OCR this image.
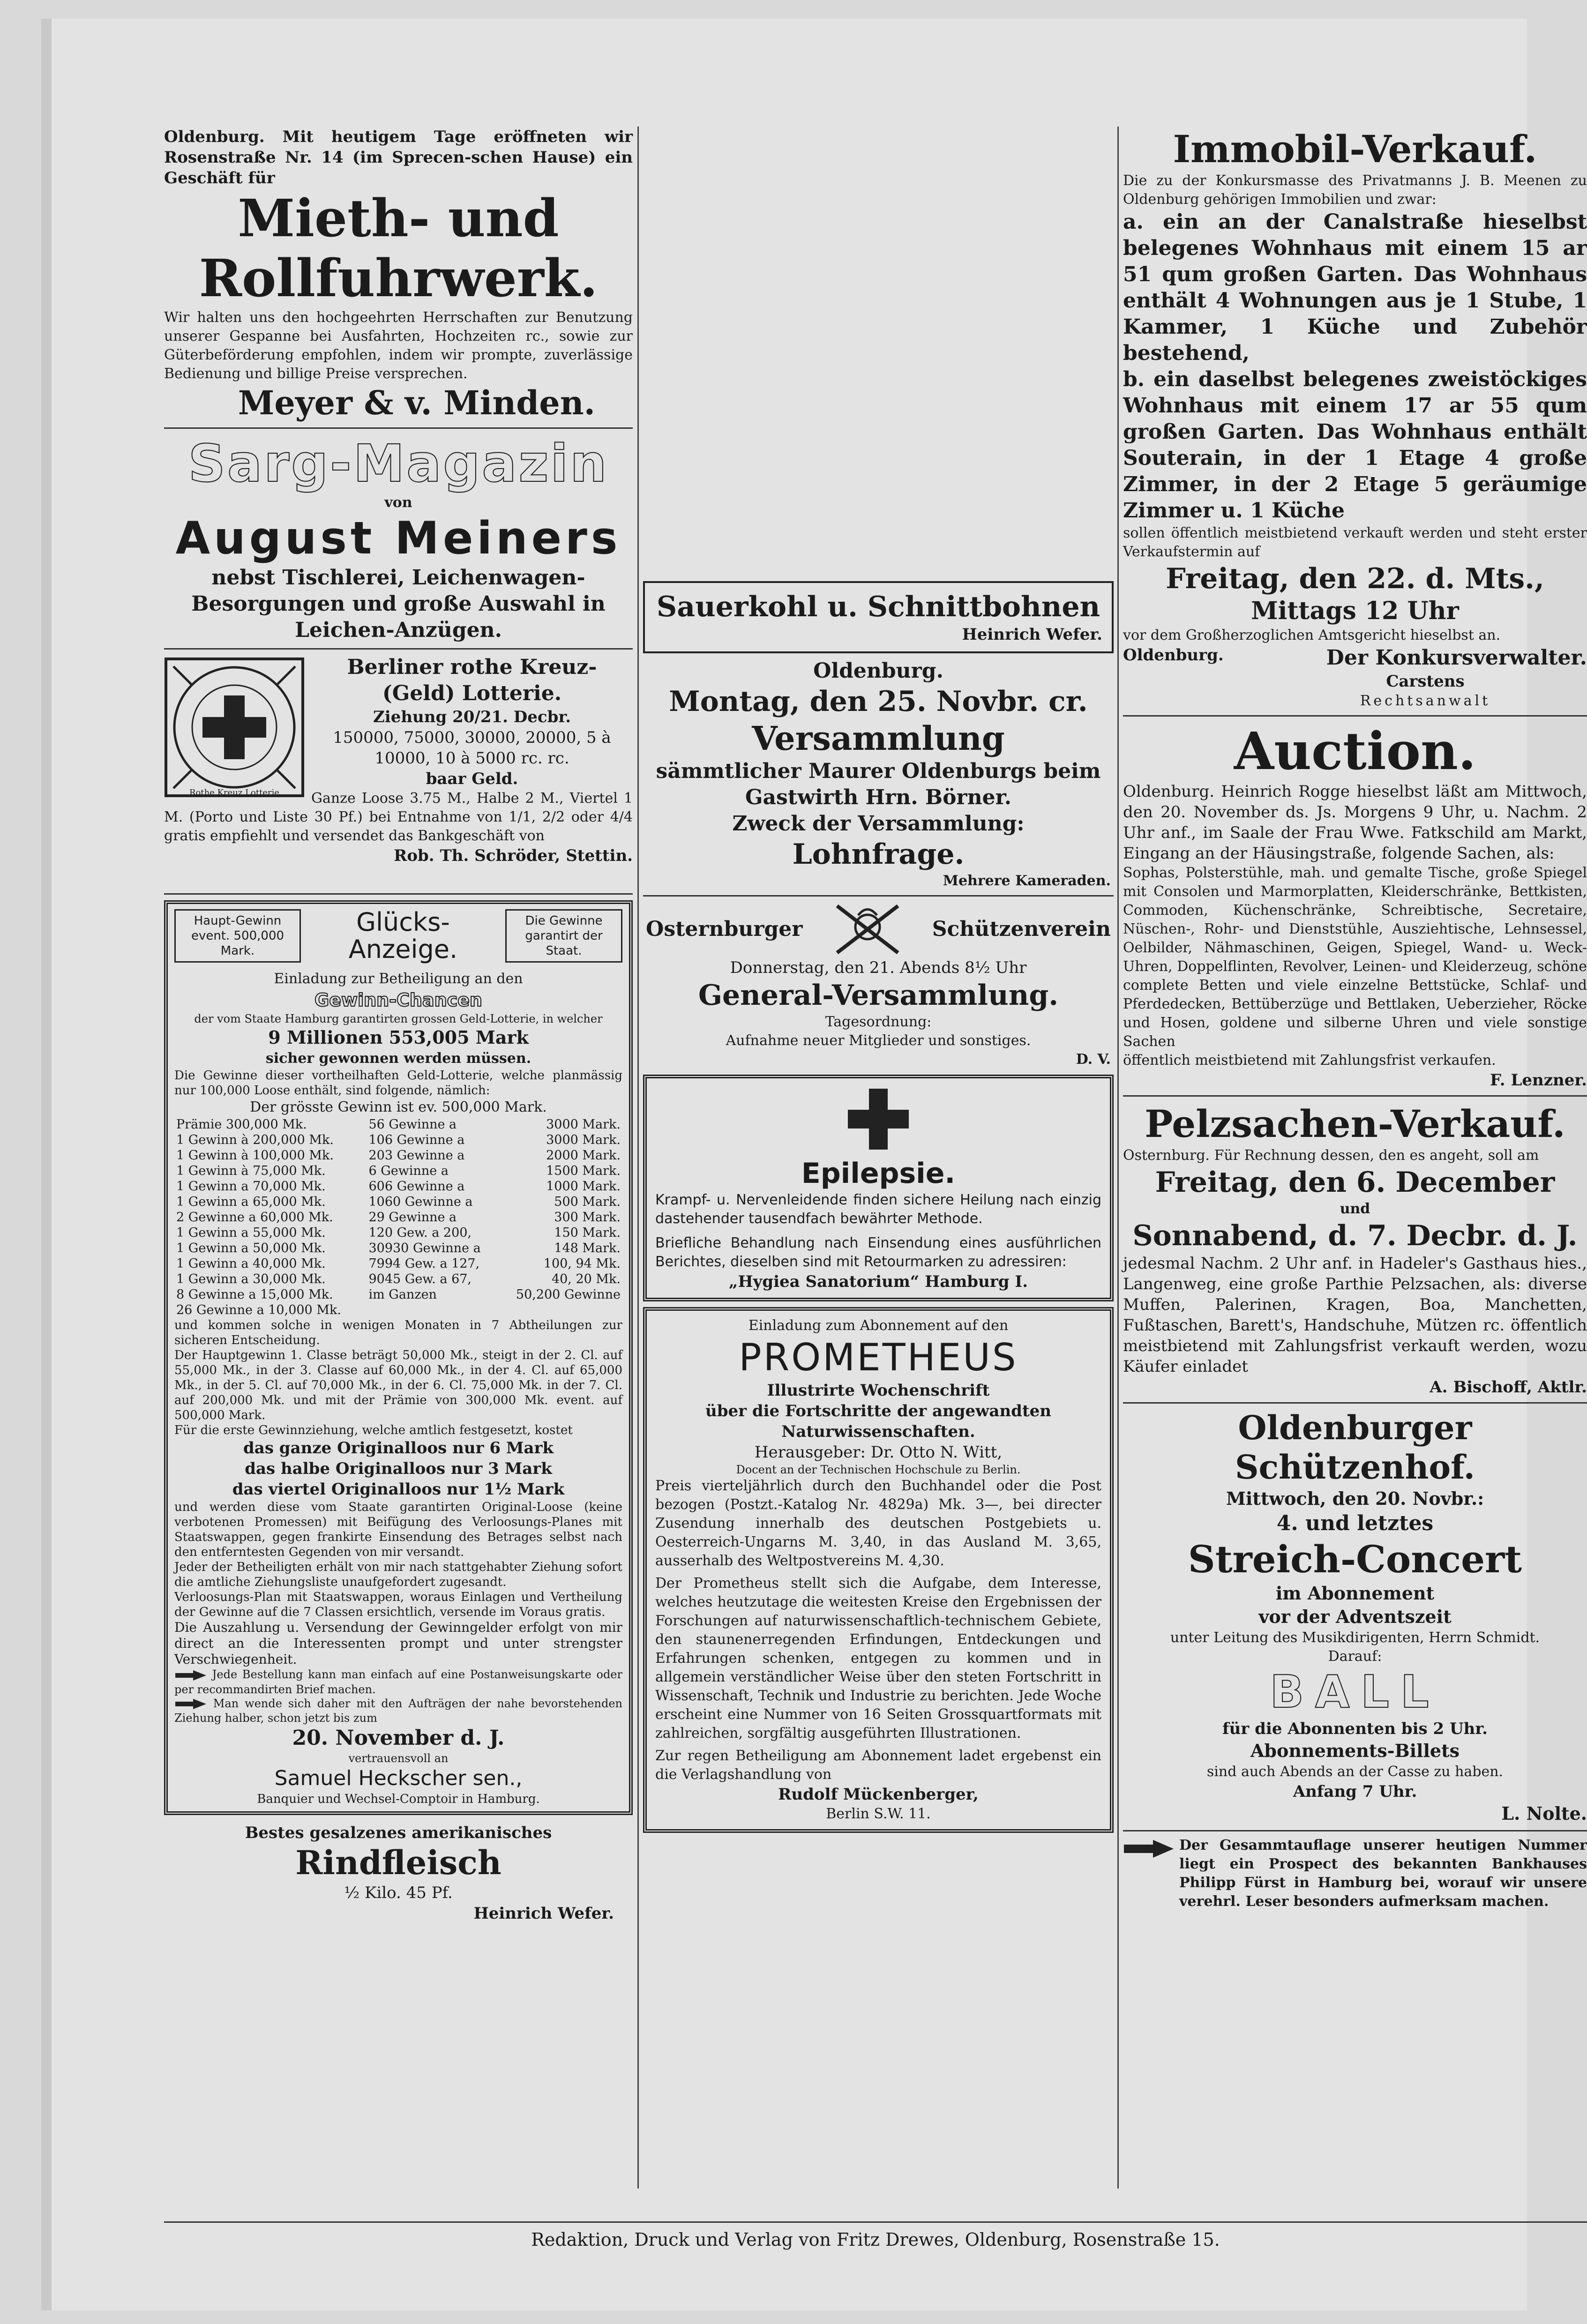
Oldenburg. Mit heutigem Tage eröffneten wir Rosenstraße Nr. 14 (im Sprecen-schen Hause) ein Geschäft für

Mieth- und Rollfuhrwerk.

Wir halten uns den hochgeehrten Herrschaften zur Benutzung unserer Gespanne bei Ausfahrten, Hochzeiten rc., sowie zur Güterbeförderung empfohlen, indem wir prompte, zuverlässige Bedienung und billige Preise versprechen.

Meyer & v. Minden.

Sarg-Magazin

von

August Meiners

nebst Tischlerei, Leichenwagen-Besorgungen und große Auswahl in Leichen-Anzügen.

Rothe Kreuz Lotterie

Berliner rothe Kreuz-(Geld) Lotterie.

Ziehung 20/21. Decbr.

150000, 75000, 30000, 20000, 5 à 10000, 10 à 5000 rc. rc.

baar Geld.

Ganze Loose 3.75 M., Halbe 2 M., Viertel 1 M. (Porto und Liste 30 Pf.) bei Entnahme von 1/1, 2/2 oder 4/4 gratis empfiehlt und versendet das Bankgeschäft von

Rob. Th. Schröder, Stettin.

Haupt-Gewinn event. 500,000 Mark.
Glücks-Anzeige.
Die Gewinne garantirt der Staat.

Einladung zur Betheiligung an den

Gewinn-Chancen

der vom Staate Hamburg garantirten grossen Geld-Lotterie, in welcher

9 Millionen 553,005 Mark

sicher gewonnen werden müssen.

Die Gewinne dieser vortheilhaften Geld-Lotterie, welche planmässig nur 100,000 Loose enthält, sind folgende, nämlich:

Der grösste Gewinn ist ev. 500,000 Mark.

Prämie 300,000 Mk.	56 Gewinne a	3000 Mark.
1 Gewinn à 200,000 Mk.	106 Gewinne a	3000 Mark.
1 Gewinn à 100,000 Mk.	203 Gewinne a	2000 Mark.
1 Gewinn à 75,000 Mk.	6 Gewinne a	1500 Mark.
1 Gewinn a 70,000 Mk.	606 Gewinne a	1000 Mark.
1 Gewinn a 65,000 Mk.	1060 Gewinne a	500 Mark.
2 Gewinne a 60,000 Mk.	29 Gewinne a	300 Mark.
1 Gewinn a 55,000 Mk.	120 Gew. a 200,	150 Mark.
1 Gewinn a 50,000 Mk.	30930 Gewinne a	148 Mark.
1 Gewinn a 40,000 Mk.	7994 Gew. a 127,	100, 94 Mk.
1 Gewinn a 30,000 Mk.	9045 Gew. a 67,	40, 20 Mk.
8 Gewinne a 15,000 Mk.	im Ganzen	50,200 Gewinne
26 Gewinne a 10,000 Mk.		

und kommen solche in wenigen Monaten in 7 Abtheilungen zur sicheren Entscheidung.

Der Hauptgewinn 1. Classe beträgt 50,000 Mk., steigt in der 2. Cl. auf 55,000 Mk., in der 3. Classe auf 60,000 Mk., in der 4. Cl. auf 65,000 Mk., in der 5. Cl. auf 70,000 Mk., in der 6. Cl. 75,000 Mk. in der 7. Cl. auf 200,000 Mk. und mit der Prämie von 300,000 Mk. event. auf 500,000 Mark.

Für die erste Gewinnziehung, welche amtlich festgesetzt, kostet

das ganze Originalloos nur 6 Mark

das halbe Originalloos nur 3 Mark

das viertel Originalloos nur 1½ Mark

und werden diese vom Staate garantirten Original-Loose (keine verbotenen Promessen) mit Beifügung des Verloosungs-Planes mit Staatswappen, gegen frankirte Einsendung des Betrages selbst nach den entferntesten Gegenden von mir versandt.

Jeder der Betheiligten erhält von mir nach stattgehabter Ziehung sofort die amtliche Ziehungsliste unaufgefordert zugesandt.

Verloosungs-Plan mit Staatswappen, woraus Einlagen und Vertheilung der Gewinne auf die 7 Classen ersichtlich, versende im Voraus gratis.

Die Auszahlung u. Versendung der Gewinngelder erfolgt von mir direct an die Interessenten prompt und unter strengster Verschwiegenheit.

Jede Bestellung kann man einfach auf eine Postanweisungskarte oder per recommandirten Brief machen.

Man wende sich daher mit den Aufträgen der nahe bevorstehenden Ziehung halber, schon jetzt bis zum

20. November d. J.

vertrauensvoll an

Samuel Heckscher sen.,

Banquier und Wechsel-Comptoir in Hamburg.

Bestes gesalzenes amerikanisches

Rindfleisch

½ Kilo. 45 Pf.

Heinrich Wefer.

Sauerkohl u. Schnittbohnen

Heinrich Wefer.

Oldenburg.

Montag, den 25. Novbr. cr.

Versammlung

sämmtlicher Maurer Oldenburgs beim Gastwirth Hrn. Börner.

Zweck der Versammlung:

Lohnfrage.

Mehrere Kameraden.

Osternburger	Schützenverein

Donnerstag, den 21. Abends 8½ Uhr

General-Versammlung.

Tagesordnung:

Aufnahme neuer Mitglieder und sonstiges.

D. V.

Epilepsie.

Krampf- u. Nervenleidende finden sichere Heilung nach einzig dastehender tausendfach bewährter Methode.

Briefliche Behandlung nach Einsendung eines ausführlichen Berichtes, dieselben sind mit Retourmarken zu adressiren:

„Hygiea Sanatorium“ Hamburg I.

Einladung zum Abonnement auf den

PROMETHEUS

Illustrirte Wochenschrift

über die Fortschritte der angewandten Naturwissenschaften.

Herausgeber: Dr. Otto N. Witt,

Docent an der Technischen Hochschule zu Berlin.

Preis vierteljährlich durch den Buchhandel oder die Post bezogen (Postzt.-Katalog Nr. 4829a) Mk. 3—, bei directer Zusendung innerhalb des deutschen Postgebiets u. Oesterreich-Ungarns M. 3,40, in das Ausland M. 3,65, ausserhalb des Weltpostvereins M. 4,30.

Der Prometheus stellt sich die Aufgabe, dem Interesse, welches heutzutage die weitesten Kreise den Ergebnissen der Forschungen auf naturwissenschaftlich-technischem Gebiete, den staunenerregenden Erfindungen, Entdeckungen und Erfahrungen schenken, entgegen zu kommen und in allgemein verständlicher Weise über den steten Fortschritt in Wissenschaft, Technik und Industrie zu berichten. Jede Woche erscheint eine Nummer von 16 Seiten Grossquartformats mit zahlreichen, sorgfältig ausgeführten Illustrationen.

Zur regen Betheiligung am Abonnement ladet ergebenst ein die Verlagshandlung von

Rudolf Mückenberger,

Berlin S.W. 11.

Immobil-Verkauf.

Die zu der Konkursmasse des Privatmanns J. B. Meenen zu Oldenburg gehörigen Immobilien und zwar:

a. ein an der Canalstraße hieselbst belegenes Wohnhaus mit einem 15 ar 51 qum großen Garten. Das Wohnhaus enthält 4 Wohnungen aus je 1 Stube, 1 Kammer, 1 Küche und Zubehör bestehend,

b. ein daselbst belegenes zweistöckiges Wohnhaus mit einem 17 ar 55 qum großen Garten. Das Wohnhaus enthält Souterain, in der 1 Etage 4 große Zimmer, in der 2 Etage 5 geräumige Zimmer u. 1 Küche

sollen öffentlich meistbietend verkauft werden und steht erster Verkaufstermin auf

Freitag, den 22. d. Mts.,

Mittags 12 Uhr

vor dem Großherzoglichen Amtsgericht hieselbst an.

Oldenburg.	Der Konkursverwalter.

Carstens

Rechtsanwalt

Auction.

Oldenburg. Heinrich Rogge hieselbst läßt am Mittwoch, den 20. November ds. Js. Morgens 9 Uhr, u. Nachm. 2 Uhr anf., im Saale der Frau Wwe. Fatkschild am Markt, Eingang an der Häusingstraße, folgende Sachen, als:

Sophas, Polsterstühle, mah. und gemalte Tische, große Spiegel mit Consolen und Marmorplatten, Kleiderschränke, Bettkisten, Commoden, Küchenschränke, Schreibtische, Secretaire, Nüschen-, Rohr- und Dienststühle, Ausziehtische, Lehnsessel, Oelbilder, Nähmaschinen, Geigen, Spiegel, Wand- u. Weck-Uhren, Doppelflinten, Revolver, Leinen- und Kleiderzeug, schöne complete Betten und viele einzelne Bettstücke, Schlaf- und Pferdedecken, Bettüberzüge und Bettlaken, Ueberzieher, Röcke und Hosen, goldene und silberne Uhren und viele sonstige Sachen

öffentlich meistbietend mit Zahlungsfrist verkaufen.

F. Lenzner.

Pelzsachen-Verkauf.

Osternburg. Für Rechnung dessen, den es angeht, soll am

Freitag, den 6. December

und

Sonnabend, d. 7. Decbr. d. J.

jedesmal Nachm. 2 Uhr anf. in Hadeler's Gasthaus hies., Langenweg, eine große Parthie Pelzsachen, als: diverse Muffen, Palerinen, Kragen, Boa, Manchetten, Fußtaschen, Barett's, Handschuhe, Mützen rc. öffentlich meistbietend mit Zahlungsfrist verkauft werden, wozu Käufer einladet

A. Bischoff, Aktlr.

Oldenburger Schützenhof.

Mittwoch, den 20. Novbr.:

4. und letztes

Streich-Concert

im Abonnement

vor der Adventszeit

unter Leitung des Musikdirigenten, Herrn Schmidt.

Darauf:

BALL

für die Abonnenten bis 2 Uhr.

Abonnements-Billets

sind auch Abends an der Casse zu haben.

Anfang 7 Uhr.

L. Nolte.

Der Gesammtauflage unserer heutigen Nummer liegt ein Prospect des bekannten Bankhauses Philipp Fürst in Hamburg bei, worauf wir unsere verehrl. Leser besonders aufmerksam machen.

Redaktion, Druck und Verlag von Fritz Drewes, Oldenburg, Rosenstraße 15.
